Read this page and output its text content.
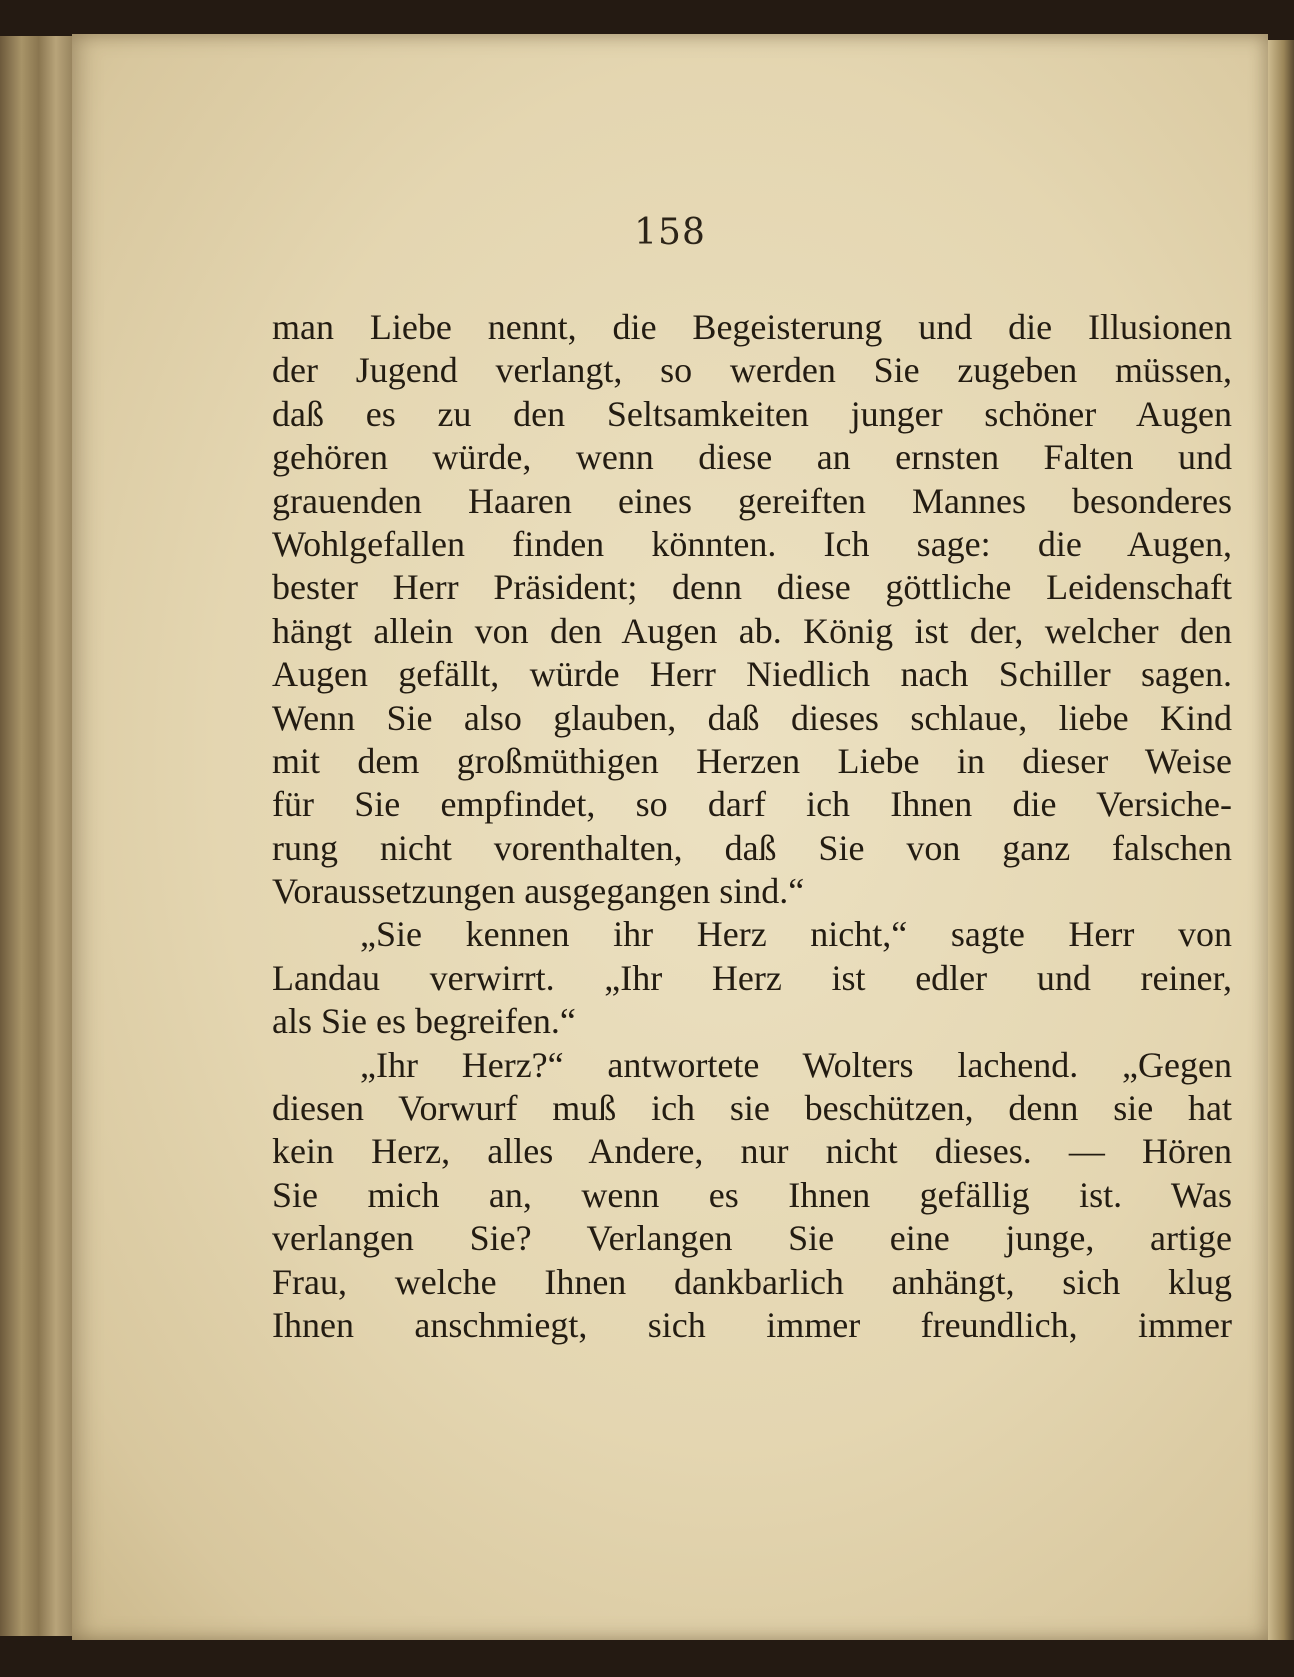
158
man Liebe nennt, die Begeisterung und die Illusionen
der Jugend verlangt, so werden Sie zugeben müssen,
daß es zu den Seltsamkeiten junger schöner Augen
gehören würde, wenn diese an ernsten Falten und
grauenden Haaren eines gereiften Mannes besonderes
Wohlgefallen finden könnten. Ich sage: die Augen,
bester Herr Präsident; denn diese göttliche Leidenschaft
hängt allein von den Augen ab. König ist der, welcher den
Augen gefällt, würde Herr Niedlich nach Schiller sagen.
Wenn Sie also glauben, daß dieses schlaue, liebe Kind
mit dem großmüthigen Herzen Liebe in dieser Weise
für Sie empfindet, so darf ich Ihnen die Versiche-
rung nicht vorenthalten, daß Sie von ganz falschen
Voraussetzungen ausgegangen sind.“
„Sie kennen ihr Herz nicht,“ sagte Herr von
Landau verwirrt. „Ihr Herz ist edler und reiner,
als Sie es begreifen.“
„Ihr Herz?“ antwortete Wolters lachend. „Gegen
diesen Vorwurf muß ich sie beschützen, denn sie hat
kein Herz, alles Andere, nur nicht dieses. — Hören
Sie mich an, wenn es Ihnen gefällig ist. Was
verlangen Sie? Verlangen Sie eine junge, artige
Frau, welche Ihnen dankbarlich anhängt, sich klug
Ihnen anschmiegt, sich immer freundlich, immer
